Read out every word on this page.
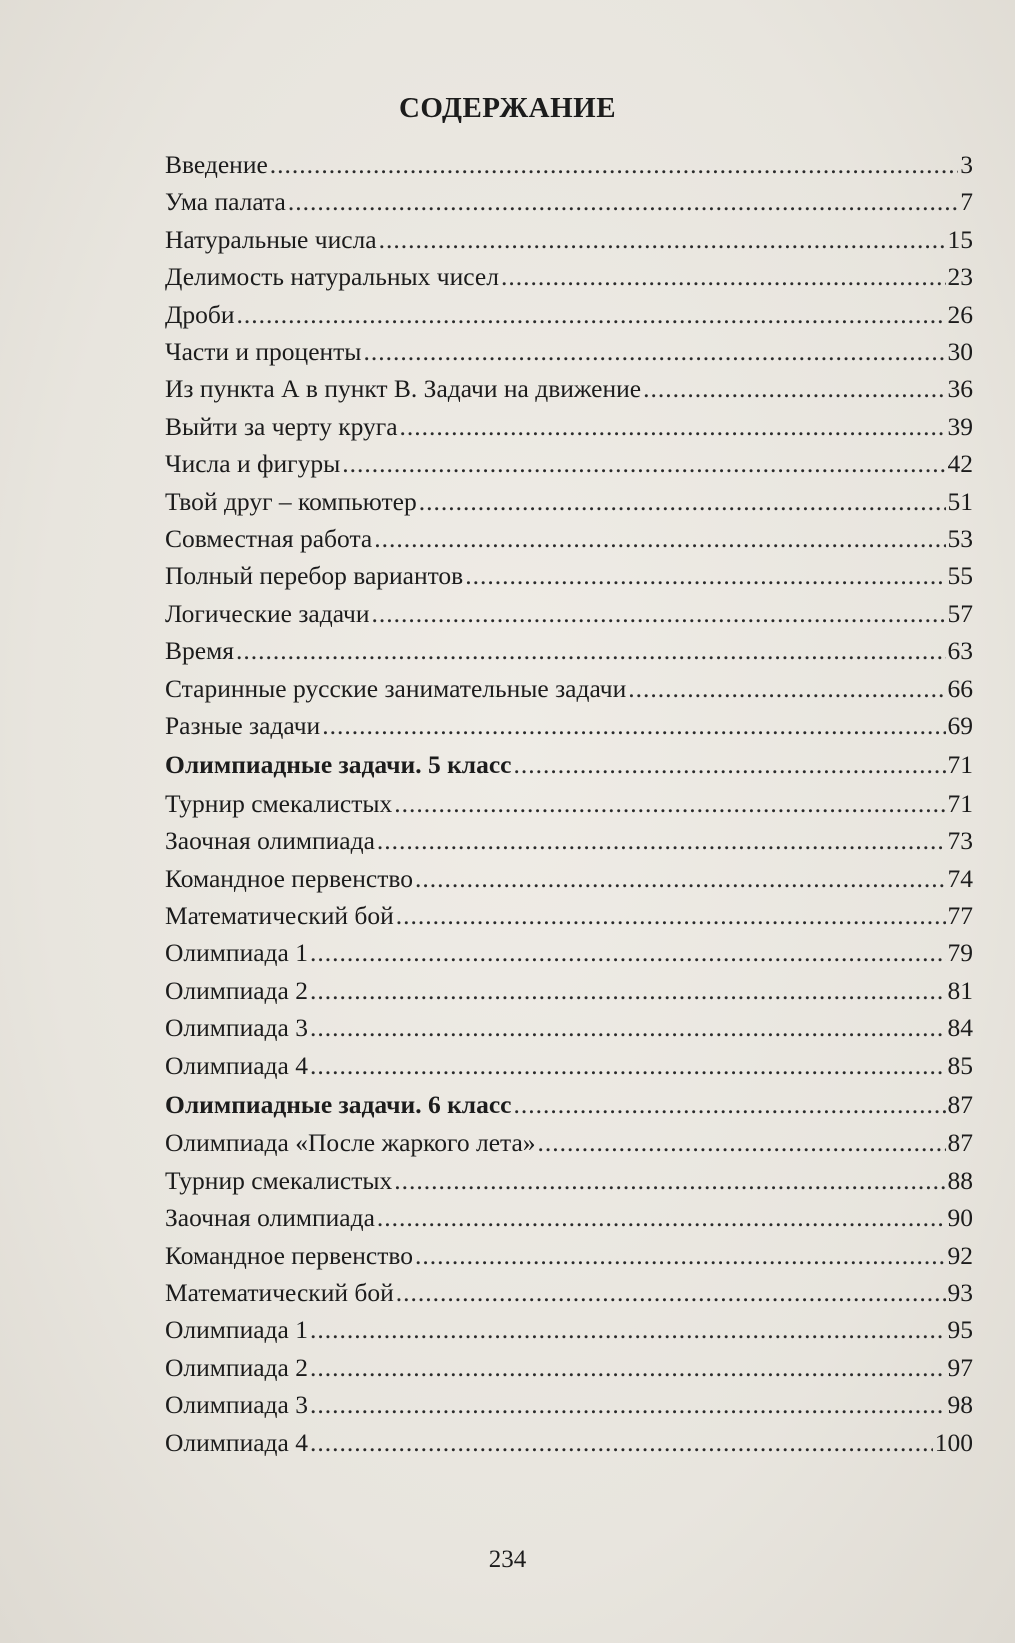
СОДЕРЖАНИЕ
Введение .....	3
Ума палата .....	7
Натуральные числа .....	15
Делимость натуральных чисел .....	23
Дроби .....	26
Части и проценты .....	30
Из пункта А в пункт В. Задачи на движение .....	36
Выйти за черту круга .....	39
Числа и фигуры .....	42
Твой друг – компьютер .....	51
Совместная работа .....	53
Полный перебор вариантов .....	55
Логические задачи .....	57
Время .....	63
Старинные русские занимательные задачи .....	66
Разные задачи .....	69
Олимпиадные задачи. 5 класс .....	71
Турнир смекалистых .....	71
Заочная олимпиада .....	73
Командное первенство .....	74
Математический бой .....	77
Олимпиада 1 .....	79
Олимпиада 2 .....	81
Олимпиада 3 .....	84
Олимпиада 4 .....	85
Олимпиадные задачи. 6 класс .....	87
Олимпиада «После жаркого лета» .....	87
Турнир смекалистых .....	88
Заочная олимпиада .....	90
Командное первенство .....	92
Математический бой .....	93
Олимпиада 1 .....	95
Олимпиада 2 .....	97
Олимпиада 3 .....	98
Олимпиада 4 .....	100
234
